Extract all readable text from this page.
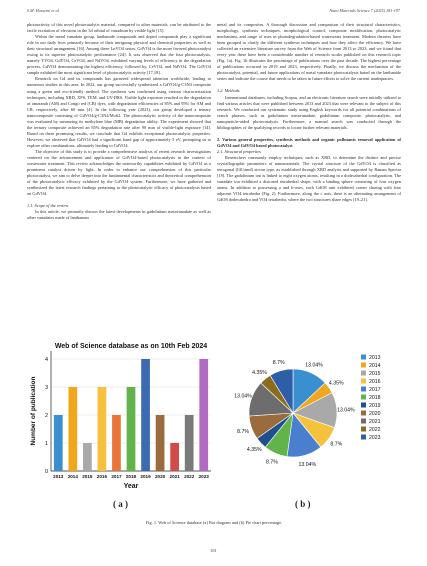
S.M. Hosseini et al.	Nano Materials Science 7 (2025) 181-197

photoactivity of this novel photocatalytic material, compared to other materials, can be attributed to the facile excitation of electrons in the 3d orbital of vanadium by visible light [15].

Within the metal vanadate group, lanthanide compounds and doped compounds play a significant role in our daily lives primarily because of their intriguing physical and chemical properties as well as their structural arrangement [16]. Among these LnVO4 series, GdVO4 is the more favored photocatalyst owing to its superior photocatalytic performance [24]. It was observed that the four photocatalysts, namely YVO4, GdVO4, CeVO4, and NdVO4, exhibited varying levels of efficiency in the degradation process, GdVO4 demonstrating the highest efficiency, followed by, CeVO4, and NdVO4. The GdVO4 sample exhibited the most significant level of photocatalytic activity [17,18].

Research on Gd and its compounds has garnered widespread attention worldwide, leading to numerous studies in this area. In 2022, our group successfully synthesized a GdVO4/g-C3N4 composite using a green and eco-friendly method. The synthesis was confirmed using various characterization techniques, including XRD, XPS, TEM, and UV-DRS. Visible light exposure resulted in the degradation of amaranth (AM) and Congo red (CR) dyes, with degradation efficiencies of 85% and 95% for AM and CR, respectively, after 60 min [4]. In the following year (2023), our group developed a ternary nanocomposite consisting of GdVO4/g-C3N4/MoS2. The photocatalytic activity of the nanocomposite was evaluated by measuring its methylene blue (MB) degradation ability. The experiment showed that the ternary composite achieved an 85% degradation rate after 90 min of visible-light exposure [14]. Based on these promising results, we conclude that Gd exhibits exceptional photocatalytic properties. However, we observed that GdVO4 had a significant band gap of approximately 5 eV, prompting us to explore other combinations, ultimately leading to GdVO4.

The objective of this study is to provide a comprehensive analysis of recent research investigations centered on the advancement and application of GdVO4-based photocatalysts in the context of wastewater treatment. This review acknowledges the noteworthy capabilities exhibited by GdVO4 as a prominent catalyst driven by light. In order to enhance our comprehension of this particular photocatalyst, we aim to delve deeper into the fundamental characteristics and theoretical comprehension of the photocatalytic efficacy exhibited by the GdVO4 system. Furthermore, we have gathered and synthesized the latest research findings pertaining to the photocatalytic efficacy of photocatalysts based on GdVO4.

1.1. Scope of the review

In this article, we primarily discuss the latest developments in gadolinium metavanadate as well as other vanadates made of lanthanum

metal and its composites. A thorough discussion and comparison of their structural characteristics, morphology, synthesis techniques, morphological control, composite modification, photocatalytic mechanism, and range of uses in photodegradation-based wastewater treatment. Modern theories have been grouped to clarify the different synthesis techniques and how they affect the efficiency. We have collected an extensive literature survey from the Web of Science from 2013 to 2023, and we found that every year there have been a considerable number of research works published on this research topic (Fig. 1a). Fig. 1b illustrates the percentage of publications over the past decade. The highest percentage of publications occurred in 2019 and 2023, respectively. Finally, we discuss the mechanism of the photocatalyst, potential, and future applications of metal vanadate photocatalysts based on the lanthanide series and indicate the course that needs to be taken in future efforts to solve the current inadequacies.

1.2. Methods

International databases, including Scopus, and an electronic literature search were initially utilized to find various articles that were published between 2013 and 2023 that were relevant to the subject of this research. We conducted our systematic study using English keywords for all potential combinations of search phrases, such as gadolinium metavanadate, gadolinium composite, photocatalytic, and nanoparticle-aided photocatalysis. Furthermore, a manual search was conducted through the bibliographies of the qualifying records to locate further relevant materials.

2. Various general properties, synthesis methods and organic pollutants removal application of GdVO4 and GdVO4 based photocatalyst

2.1. Structural properties

Researchers commonly employ techniques, such as XRD, to determine the distinct and precise crystallographic parameters of nanomaterials. The crystal structure of the GdVO4 is classified as tetragonal (I41/amd) zircon type, as established through XRD analysis and supported by Raman Spectra [19]. The gadolinium ion is linked to eight oxygen atoms, resulting in a dodecahedral configuration. The vanadate ion exhibited a distorted tetrahedral shape, with a binding sphere consisting of four oxygen atoms. In addition to possessing a and b-axes, each GdO8 unit exhibited corner sharing with four adjacent VO4 tetrahedra (Fig. 2). Furthermore, along the c axis, there is an alternating arrangement of GdO8 dodecahedra and VO4 tetrahedra, where the two structures share edges [19–21].

Web of Science database as on 10th Feb 2024
0
1
2
3
4
2013 2014 2015 2016 2017 2018 2019 2020 2021 2022 2023
Year
Number of publication
13.04%
4.35%
13.04%
8.7%
13.04%
8.7%
4.35%
8.7%
13.04%
4.35%
8.7%
2013
2014
2015
2016
2017
2018
2019
2020
2021
2022
2023
( a )	( b )
Fig. 1. Web of Science database (a) Bar diagram and (b) Pie chart percentage.
181
